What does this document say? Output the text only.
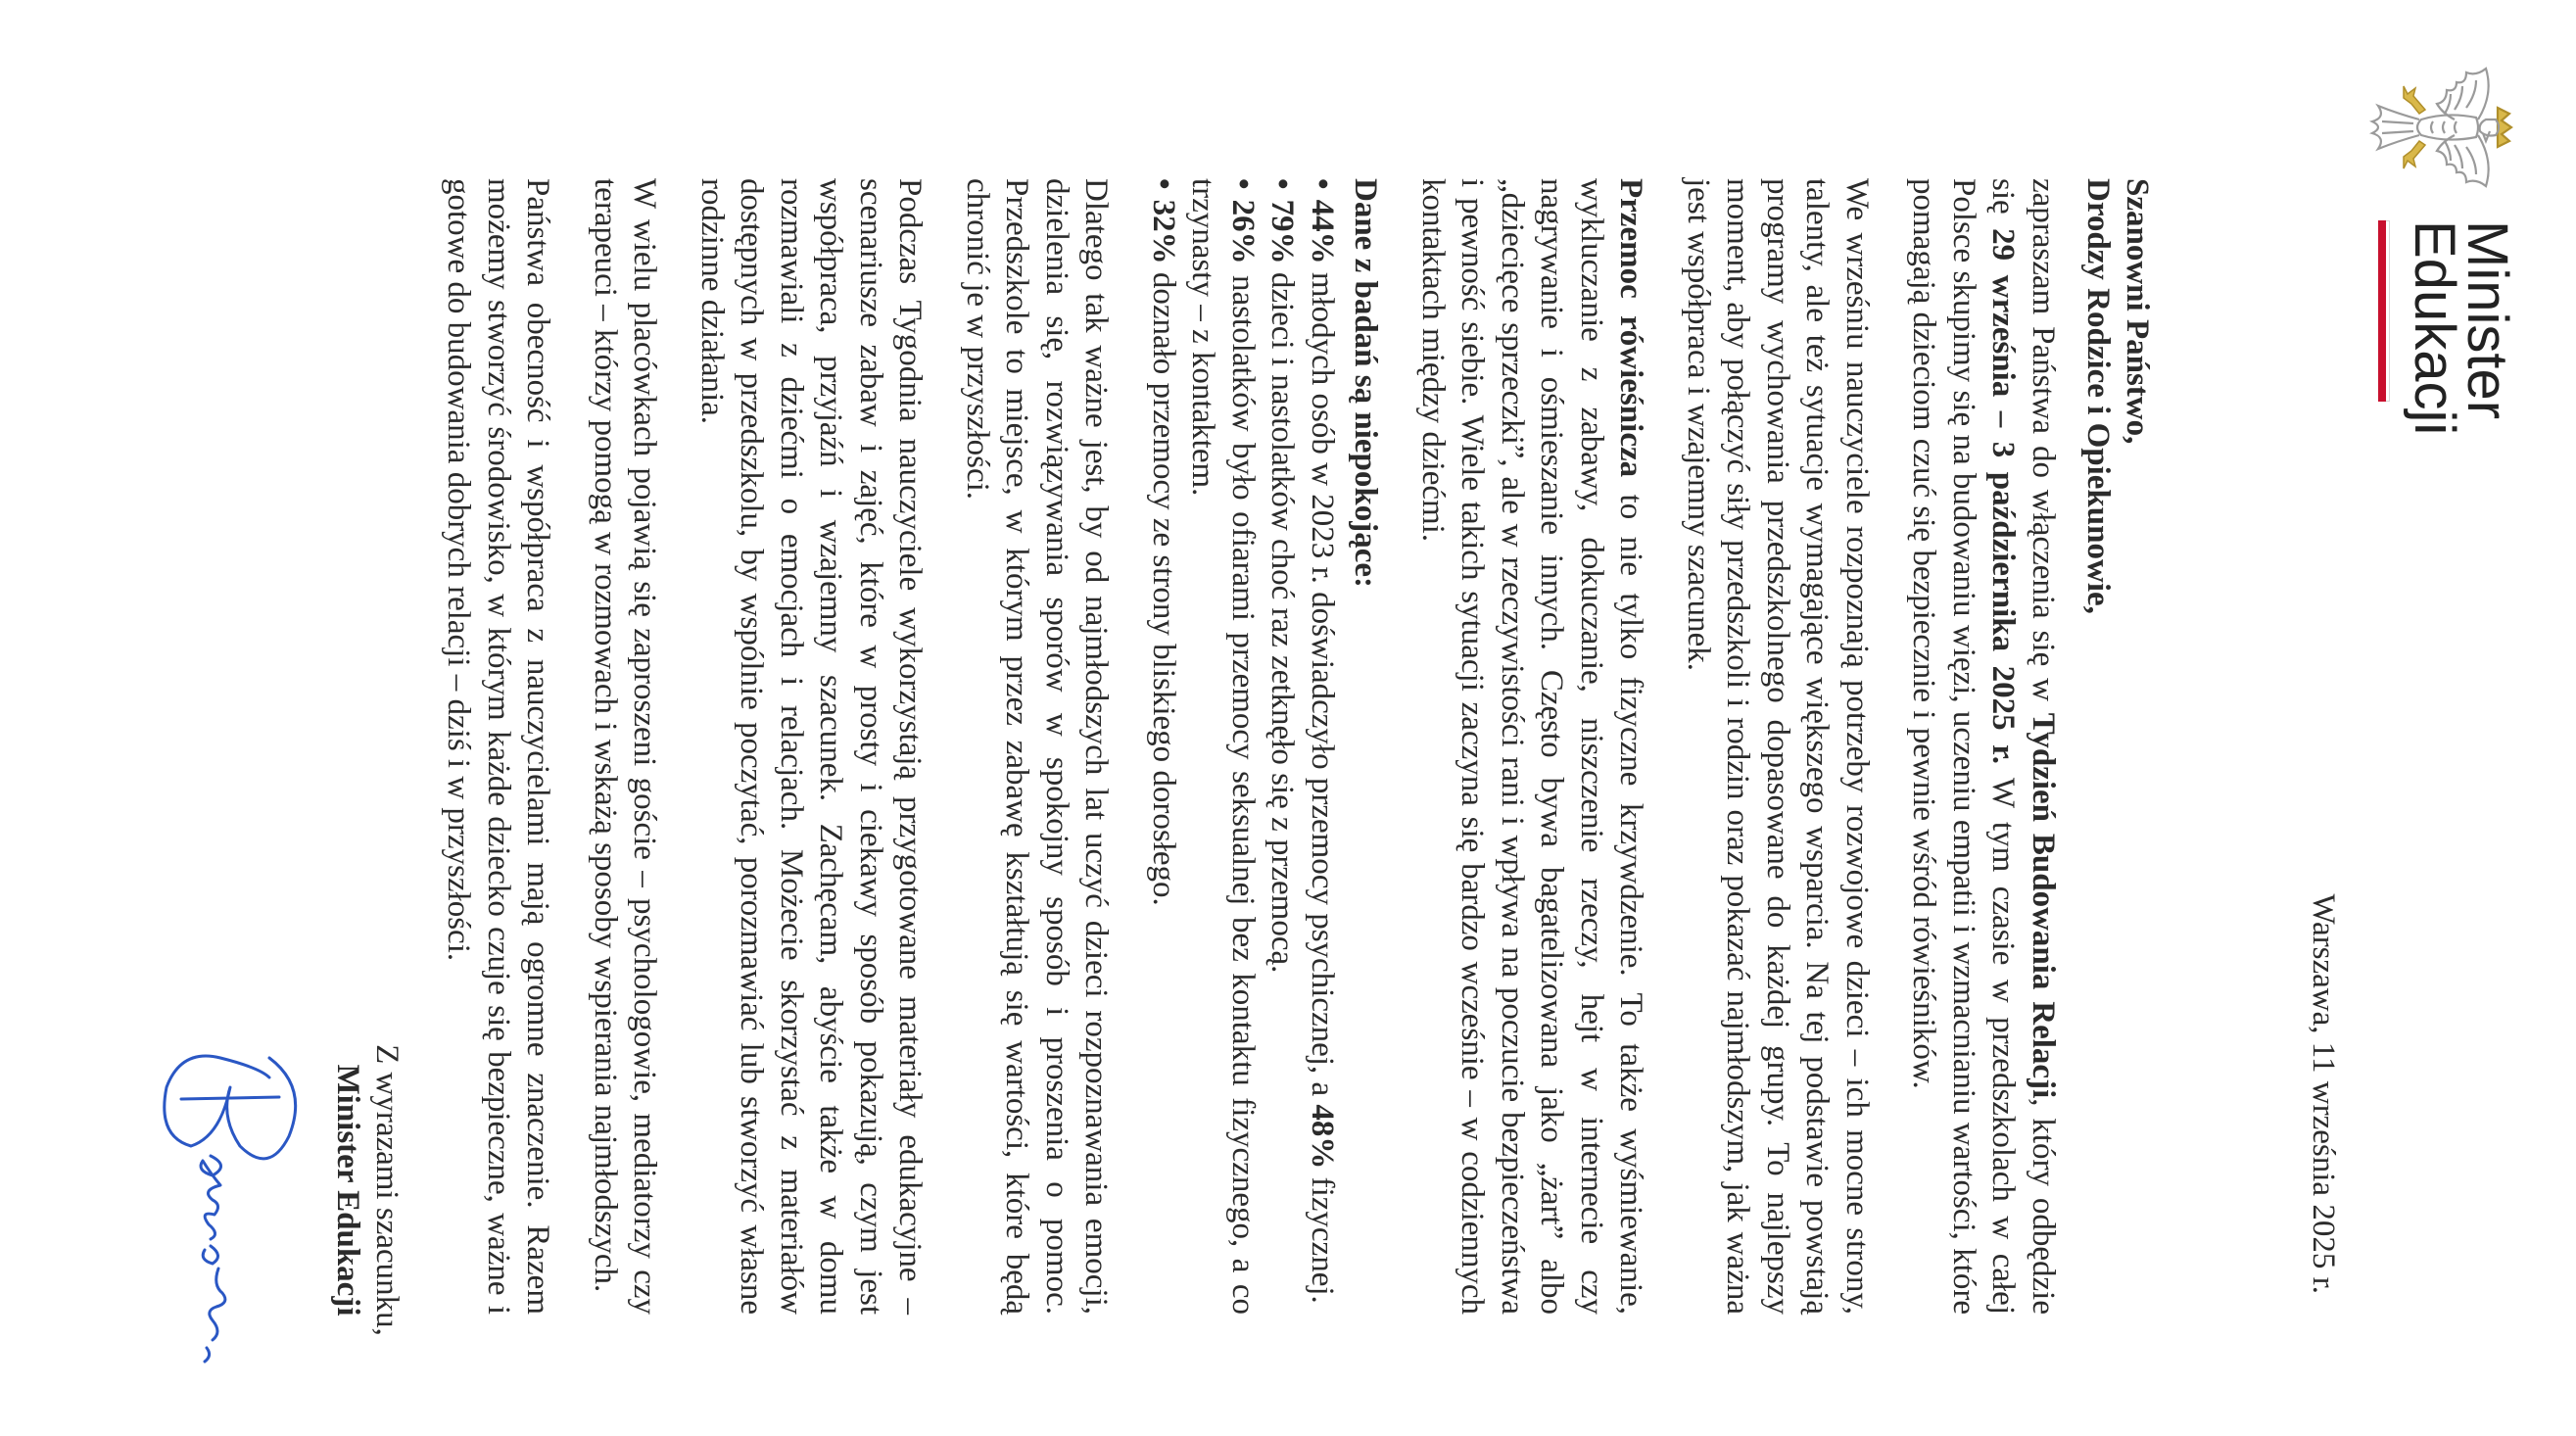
Minister
Edukacji
Warszawa, 11 września 2025 r.
Szanowni Państwo,
Drodzy Rodzice i Opiekunowie,

zapraszam Państwa do włączenia się w Tydzień Budowania Relacji, który odbędzie się 29 września – 3 października 2025 r. W tym czasie w przedszkolach w całej Polsce skupimy się na budowaniu więzi, uczeniu empatii i wzmacnianiu wartości, które pomagają dzieciom czuć się bezpiecznie i pewnie wśród rówieśników.

We wrześniu nauczyciele rozpoznają potrzeby rozwojowe dzieci – ich mocne strony, talenty, ale też sytuacje wymagające większego wsparcia. Na tej podstawie powstają programy wychowania przedszkolnego dopasowane do każdej grupy. To najlepszy moment, aby połączyć siły przedszkoli i rodzin oraz pokazać najmłodszym, jak ważna jest współpraca i wzajemny szacunek.

Przemoc rówieśnicza to nie tylko fizyczne krzywdzenie. To także wyśmiewanie, wykluczanie z zabawy, dokuczanie, niszczenie rzeczy, hejt w internecie czy nagrywanie i ośmieszanie innych. Często bywa bagatelizowana jako „żart” albo „dziecięce sprzeczki”, ale w rzeczywistości rani i wpływa na poczucie bezpieczeństwa i pewność siebie. Wiele takich sytuacji zaczyna się bardzo wcześnie – w codziennych kontaktach między dziećmi.

Dane z badań są niepokojące:
• 44% młodych osób w 2023 r. doświadczyło przemocy psychicznej, a 48% fizycznej.
• 79% dzieci i nastolatków choć raz zetknęło się z przemocą.
• 26% nastolatków było ofiarami przemocy seksualnej bez kontaktu fizycznego, a co trzynasty – z kontaktem.
• 32% doznało przemocy ze strony bliskiego dorosłego.

Dlatego tak ważne jest, by od najmłodszych lat uczyć dzieci rozpoznawania emocji, dzielenia się, rozwiązywania sporów w spokojny sposób i proszenia o pomoc. Przedszkole to miejsce, w którym przez zabawę kształtują się wartości, które będą chronić je w przyszłości.

Podczas Tygodnia nauczyciele wykorzystają przygotowane materiały edukacyjne – scenariusze zabaw i zajęć, które w prosty i ciekawy sposób pokazują, czym jest współpraca, przyjaźń i wzajemny szacunek. Zachęcam, abyście także w domu rozmawiali z dziećmi o emocjach i relacjach. Możecie skorzystać z materiałów dostępnych w przedszkolu, by wspólnie poczytać, porozmawiać lub stworzyć własne rodzinne działania.

W wielu placówkach pojawią się zaproszeni goście – psychologowie, mediatorzy czy terapeuci – którzy pomogą w rozmowach i wskażą sposoby wspierania najmłodszych.

Państwa obecność i współpraca z nauczycielami mają ogromne znaczenie. Razem możemy stworzyć środowisko, w którym każde dziecko czuje się bezpieczne, ważne i gotowe do budowania dobrych relacji – dziś i w przyszłości.

Z wyrazami szacunku,
Minister Edukacji
